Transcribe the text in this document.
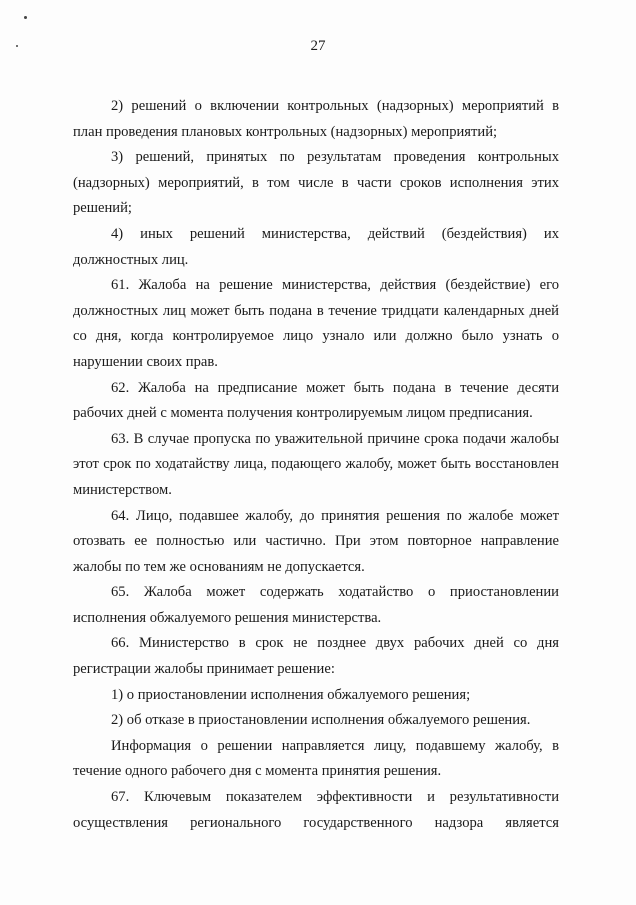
27

2) решений о включении контрольных (надзорных) мероприятий в план проведения плановых контрольных (надзорных) мероприятий;

3) решений, принятых по результатам проведения контрольных (надзорных) мероприятий, в том числе в части сроков исполнения этих решений;

4) иных решений министерства, действий (бездействия) их должностных лиц.

61. Жалоба на решение министерства, действия (бездействие) его должностных лиц может быть подана в течение тридцати календарных дней со дня, когда контролируемое лицо узнало или должно было узнать о нарушении своих прав.

62. Жалоба на предписание может быть подана в течение десяти рабочих дней с момента получения контролируемым лицом предписания.

63. В случае пропуска по уважительной причине срока подачи жалобы этот срок по ходатайству лица, подающего жалобу, может быть восстановлен министерством.

64. Лицо, подавшее жалобу, до принятия решения по жалобе может отозвать ее полностью или частично. При этом повторное направление жалобы по тем же основаниям не допускается.

65. Жалоба может содержать ходатайство о приостановлении исполнения обжалуемого решения министерства.

66. Министерство в срок не позднее двух рабочих дней со дня регистрации жалобы принимает решение:

1) о приостановлении исполнения обжалуемого решения;

2) об отказе в приостановлении исполнения обжалуемого решения.

Информация о решении направляется лицу, подавшему жалобу, в течение одного рабочего дня с момента принятия решения.

67. Ключевым показателем эффективности и результативности осуществления регионального государственного надзора является
